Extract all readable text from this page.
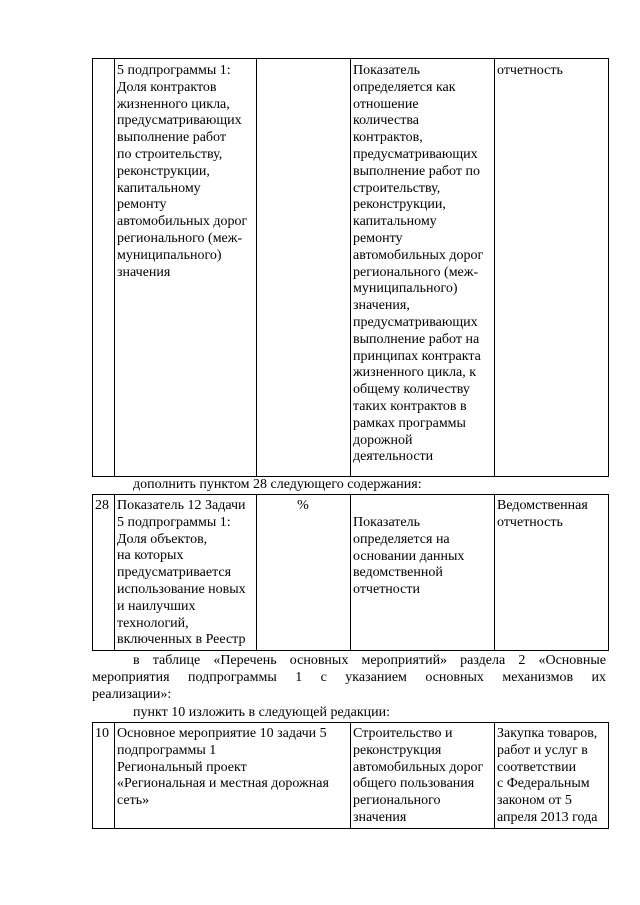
5 подпрограммы 1:
Доля контрактов
жизненного цикла,
предусматривающих
выполнение работ
по строительству,
реконструкции,
капитальному
ремонту
автомобильных дорог
регионального (меж-
муниципального)
значения
Показатель
определяется как
отношение
количества
контрактов,
предусматривающих
выполнение работ по
строительству,
реконструкции,
капитальному
ремонту
автомобильных дорог
регионального (меж-
муниципального)
значения,
предусматривающих
выполнение работ на
принципах контракта
жизненного цикла, к
общему количеству
таких контрактов в
рамках программы
дорожной
деятельности
отчетность
дополнить пунктом 28 следующего содержания:
28 Показатель 12 Задачи
5 подпрограммы 1:
Доля объектов,
на которых
предусматривается
использование новых
и наилучших
технологий,
включенных в Реестр
%
Показатель
определяется на
основании данных
ведомственной
отчетности
Ведомственная
отчетность
в таблице «Перечень основных мероприятий» раздела 2 «Основные
мероприятия подпрограммы 1 с указанием основных механизмов их
реализации»:
пункт 10 изложить в следующей редакции:
10 Основное мероприятие 10 задачи 5
подпрограммы 1
Региональный проект
«Региональная и местная дорожная
сеть»
Строительство и
реконструкция
автомобильных дорог
общего пользования
регионального
значения
Закупка товаров,
работ и услуг в
соответствии
с Федеральным
законом от 5
апреля 2013 года
